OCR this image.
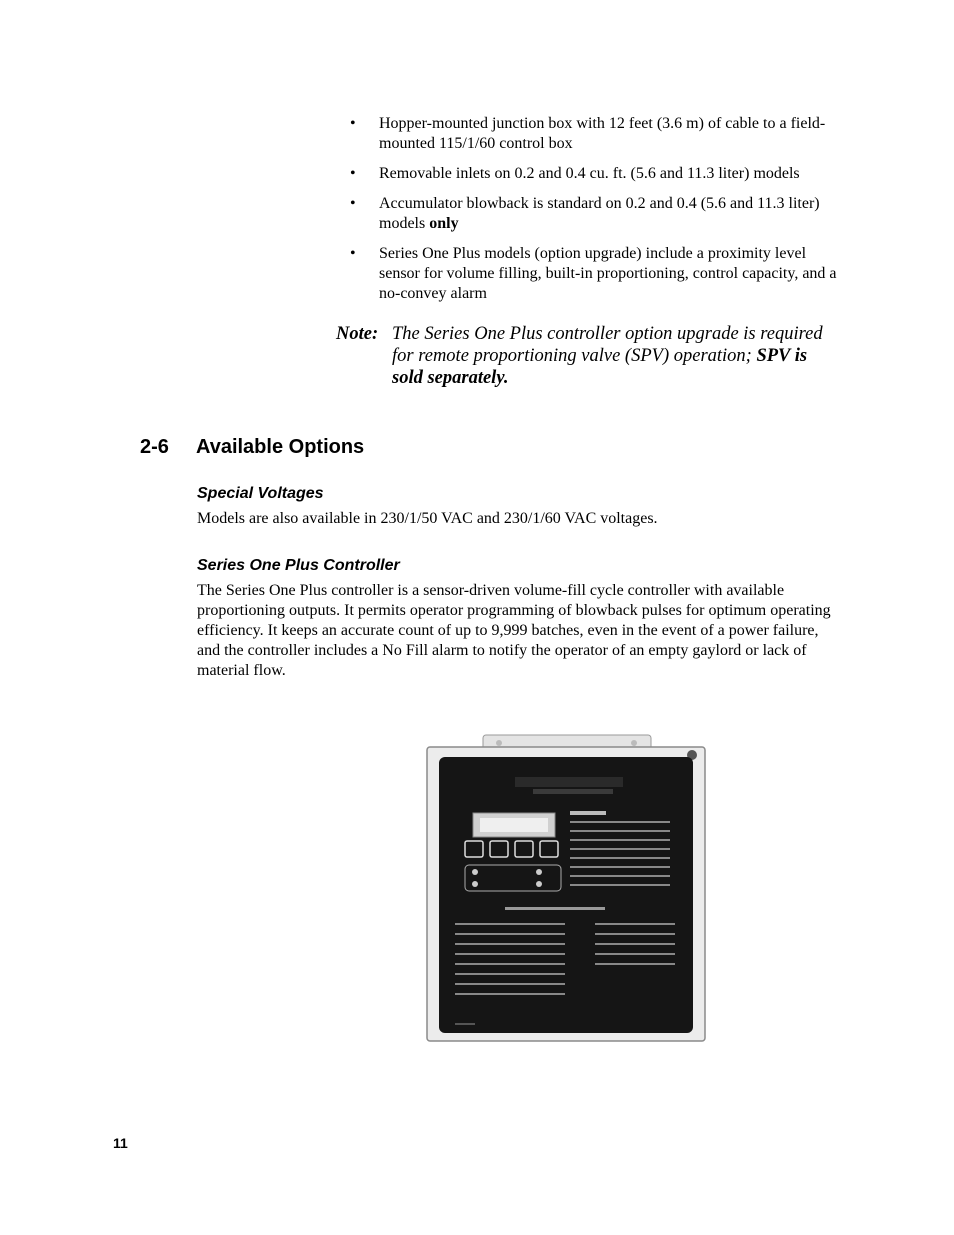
• Hopper-mounted junction box with 12 feet (3.6 m) of cable to a field-mounted 115/1/60 control box
• Removable inlets on 0.2 and 0.4 cu. ft. (5.6 and 11.3 liter) models
• Accumulator blowback is standard on 0.2 and 0.4 (5.6 and 11.3 liter) models only
• Series One Plus models (option upgrade) include a proximity level sensor for volume filling, built-in proportioning, control capacity, and a no-convey alarm
Note: The Series One Plus controller option upgrade is required for remote proportioning valve (SPV) operation; SPV is sold separately.
2-6 Available Options
Special Voltages

Models are also available in 230/1/50 VAC and 230/1/60 VAC voltages.

Series One Plus Controller

The Series One Plus controller is a sensor-driven volume-fill cycle controller with available proportioning outputs. It permits operator programming of blowback pulses for optimum operating efficiency. It keeps an accurate count of up to 9,999 batches, even in the event of a power failure, and the controller includes a No Fill alarm to notify the operator of an empty gaylord or lack of material flow.

11
